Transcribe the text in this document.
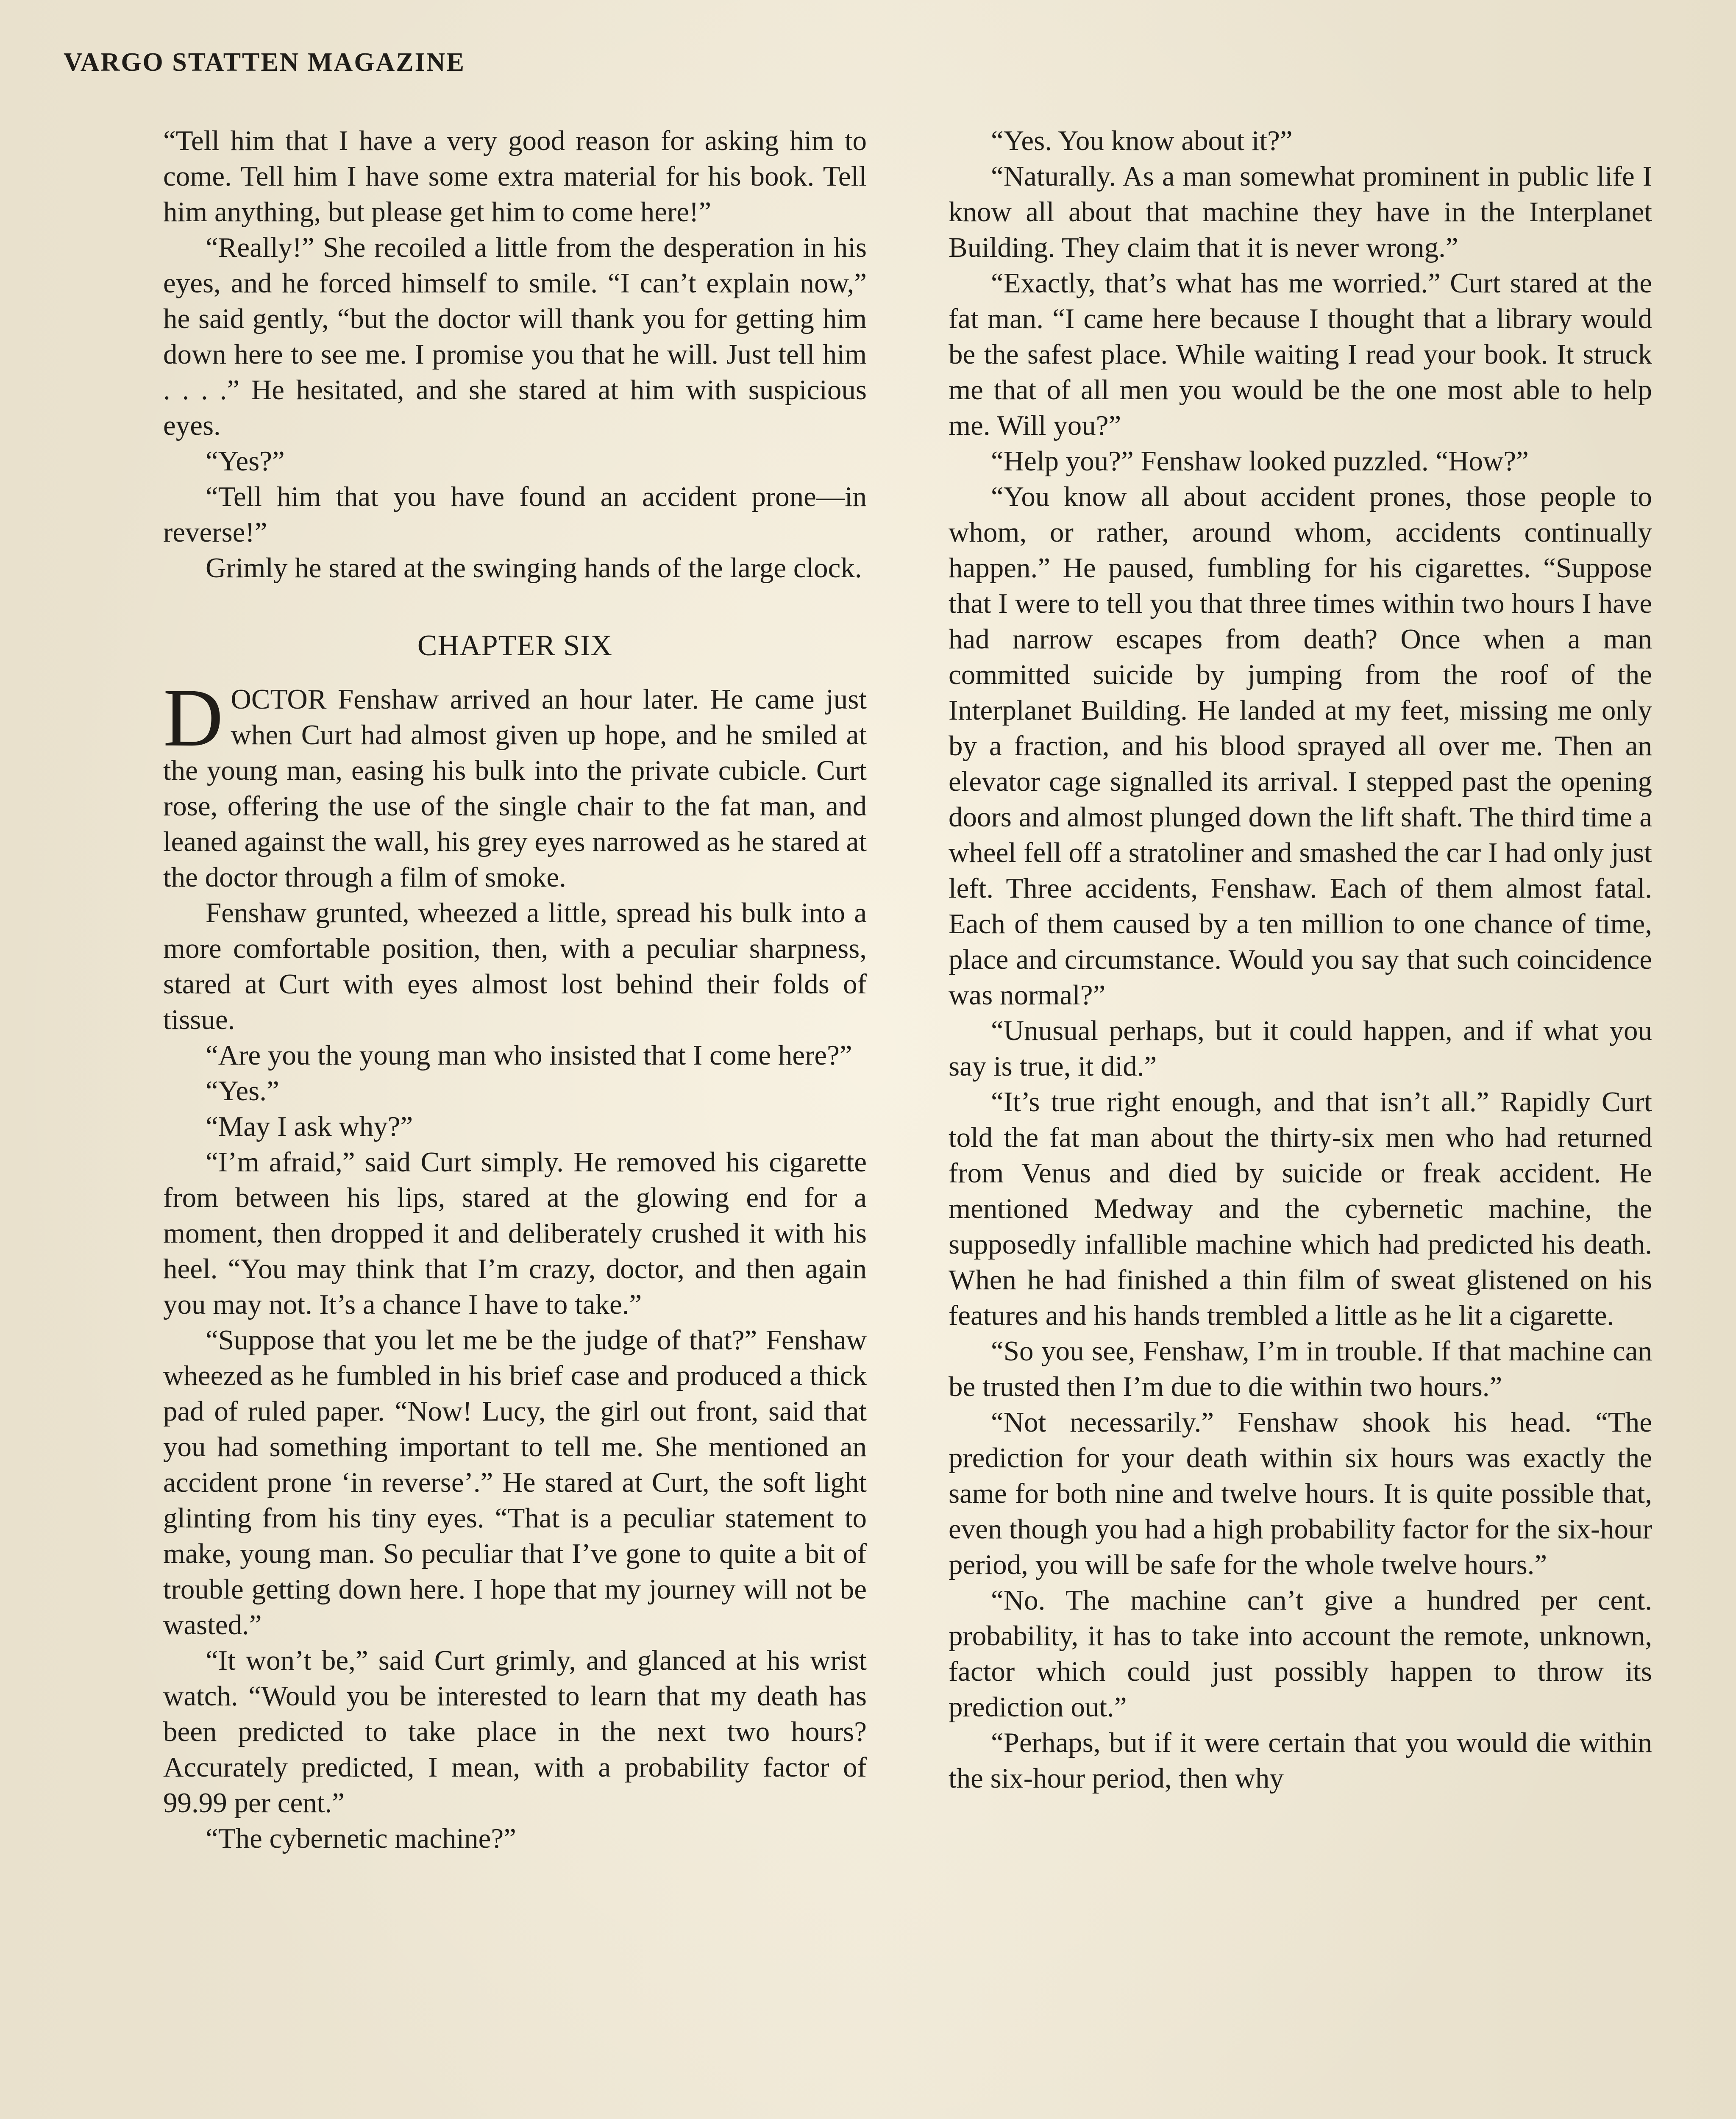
VARGO STATTEN MAGAZINE

“Tell him that I have a very good reason for asking him to come. Tell him I have some extra material for his book. Tell him anything, but please get him to come here!”

“Really!” She recoiled a little from the desperation in his eyes, and he forced himself to smile. “I can’t explain now,” he said gently, “but the doctor will thank you for getting him down here to see me. I promise you that he will. Just tell him . . . .” He hesitated, and she stared at him with suspicious eyes.

“Yes?”

“Tell him that you have found an accident prone—in reverse!”

Grimly he stared at the swinging hands of the large clock.

CHAPTER SIX

DOCTOR Fenshaw arrived an hour later. He came just when Curt had almost given up hope, and he smiled at the young man, easing his bulk into the private cubicle. Curt rose, offering the use of the single chair to the fat man, and leaned against the wall, his grey eyes narrowed as he stared at the doctor through a film of smoke.

Fenshaw grunted, wheezed a little, spread his bulk into a more comfortable position, then, with a peculiar sharpness, stared at Curt with eyes almost lost behind their folds of tissue.

“Are you the young man who insisted that I come here?”

“Yes.”

“May I ask why?”

“I’m afraid,” said Curt simply. He removed his cigarette from between his lips, stared at the glowing end for a moment, then dropped it and deliberately crushed it with his heel. “You may think that I’m crazy, doctor, and then again you may not. It’s a chance I have to take.”

“Suppose that you let me be the judge of that?” Fenshaw wheezed as he fumbled in his brief case and produced a thick pad of ruled paper. “Now! Lucy, the girl out front, said that you had something important to tell me. She mentioned an accident prone ‘in reverse’.” He stared at Curt, the soft light glinting from his tiny eyes. “That is a peculiar statement to make, young man. So peculiar that I’ve gone to quite a bit of trouble getting down here. I hope that my journey will not be wasted.”

“It won’t be,” said Curt grimly, and glanced at his wrist watch. “Would you be interested to learn that my death has been predicted to take place in the next two hours? Accurately predicted, I mean, with a probability factor of 99.99 per cent.”

“The cybernetic machine?”

“Yes. You know about it?”

“Naturally. As a man somewhat prominent in public life I know all about that machine they have in the Interplanet Building. They claim that it is never wrong.”

“Exactly, that’s what has me worried.” Curt stared at the fat man. “I came here because I thought that a library would be the safest place. While waiting I read your book. It struck me that of all men you would be the one most able to help me. Will you?”

“Help you?” Fenshaw looked puzzled. “How?”

“You know all about accident prones, those people to whom, or rather, around whom, accidents continually happen.” He paused, fumbling for his cigarettes. “Suppose that I were to tell you that three times within two hours I have had narrow escapes from death? Once when a man committed suicide by jumping from the roof of the Interplanet Building. He landed at my feet, missing me only by a fraction, and his blood sprayed all over me. Then an elevator cage signalled its arrival. I stepped past the opening doors and almost plunged down the lift shaft. The third time a wheel fell off a stratoliner and smashed the car I had only just left. Three accidents, Fenshaw. Each of them almost fatal. Each of them caused by a ten million to one chance of time, place and circumstance. Would you say that such coincidence was normal?”

“Unusual perhaps, but it could happen, and if what you say is true, it did.”

“It’s true right enough, and that isn’t all.” Rapidly Curt told the fat man about the thirty-six men who had returned from Venus and died by suicide or freak accident. He mentioned Medway and the cybernetic machine, the supposedly infallible machine which had predicted his death. When he had finished a thin film of sweat glistened on his features and his hands trembled a little as he lit a cigarette.

“So you see, Fenshaw, I’m in trouble. If that machine can be trusted then I’m due to die within two hours.”

“Not necessarily.” Fenshaw shook his head. “The prediction for your death within six hours was exactly the same for both nine and twelve hours. It is quite possible that, even though you had a high probability factor for the six-hour period, you will be safe for the whole twelve hours.”

“No. The machine can’t give a hundred per cent. probability, it has to take into account the remote, unknown, factor which could just possibly happen to throw its prediction out.”

“Perhaps, but if it were certain that you would die within the six-hour period, then why
